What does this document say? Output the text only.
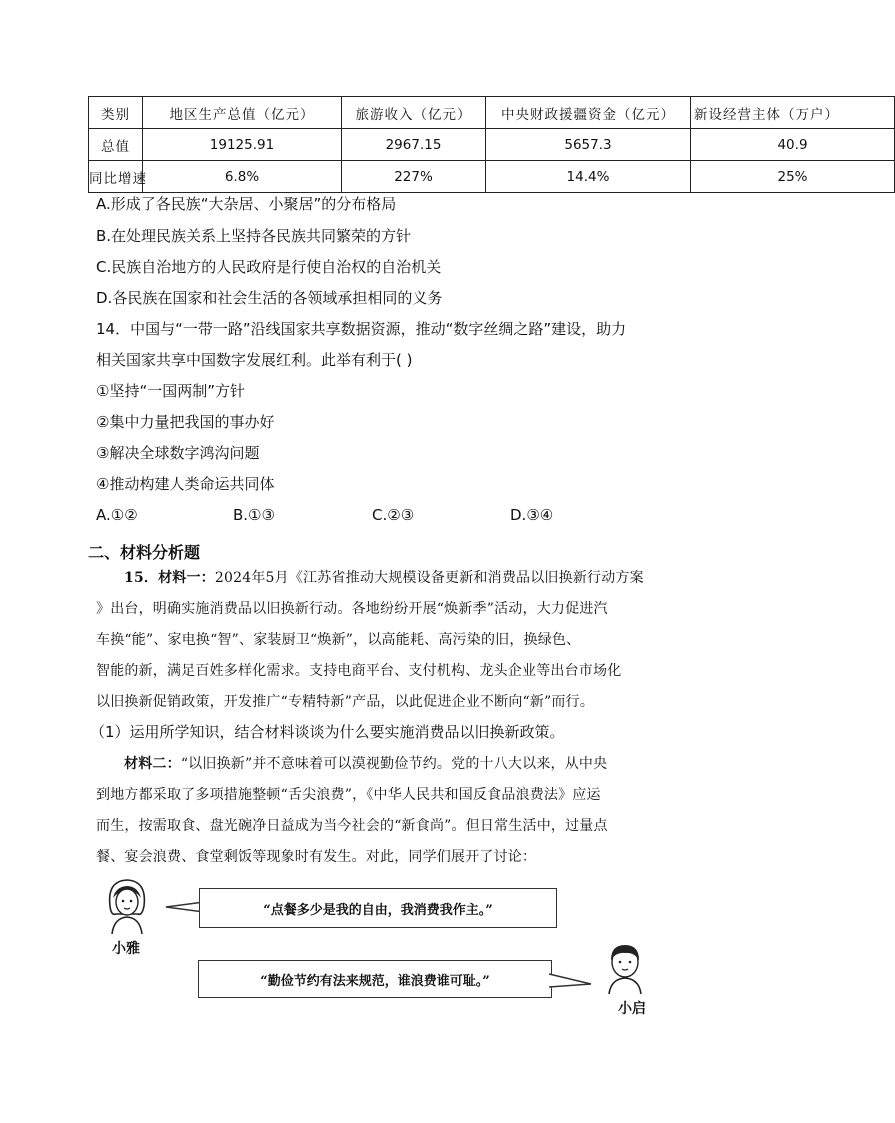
类别	地区生产总值（亿元）	旅游收入（亿元）	中央财政援疆资金（亿元）	新设经营主体（万户）
总值	19125.91	2967.15	5657.3	40.9
同比增速	6.8%	227%	14.4%	25%
A.形成了各民族“大杂居、小聚居”的分布格局
B.在处理民族关系上坚持各民族共同繁荣的方针
C.民族自治地方的人民政府是行使自治权的自治机关
D.各民族在国家和社会生活的各领域承担相同的义务
14．中国与“一带一路”沿线国家共享数据资源，推动“数字丝绸之路”建设，助力
相关国家共享中国数字发展红利。此举有利于( )
①坚持“一国两制”方针
②集中力量把我国的事办好
③解决全球数字鸿沟问题
④推动构建人类命运共同体
A.①②	B.①③	C.②③	D.③④
二、材料分析题
15．材料一：2024年5月《江苏省推动大规模设备更新和消费品以旧换新行动方案
》出台，明确实施消费品以旧换新行动。各地纷纷开展“焕新季”活动，大力促进汽
车换“能”、家电换“智”、家装厨卫“焕新”，以高能耗、高污染的旧，换绿色、
智能的新，满足百姓多样化需求。支持电商平台、支付机构、龙头企业等出台市场化
以旧换新促销政策，开发推广“专精特新”产品，以此促进企业不断向“新”而行。
（1）运用所学知识，结合材料谈谈为什么要实施消费品以旧换新政策。
材料二：“以旧换新”并不意味着可以漠视勤俭节约。党的十八大以来，从中央
到地方都采取了多项措施整顿“舌尖浪费”，《中华人民共和国反食品浪费法》应运
而生，按需取食、盘光碗净日益成为当今社会的“新食尚”。但日常生活中，过量点
餐、宴会浪费、食堂剩饭等现象时有发生。对此，同学们展开了讨论：
小雅
“点餐多少是我的自由，我消费我作主。”
“勤俭节约有法来规范，谁浪费谁可耻。”
小启
